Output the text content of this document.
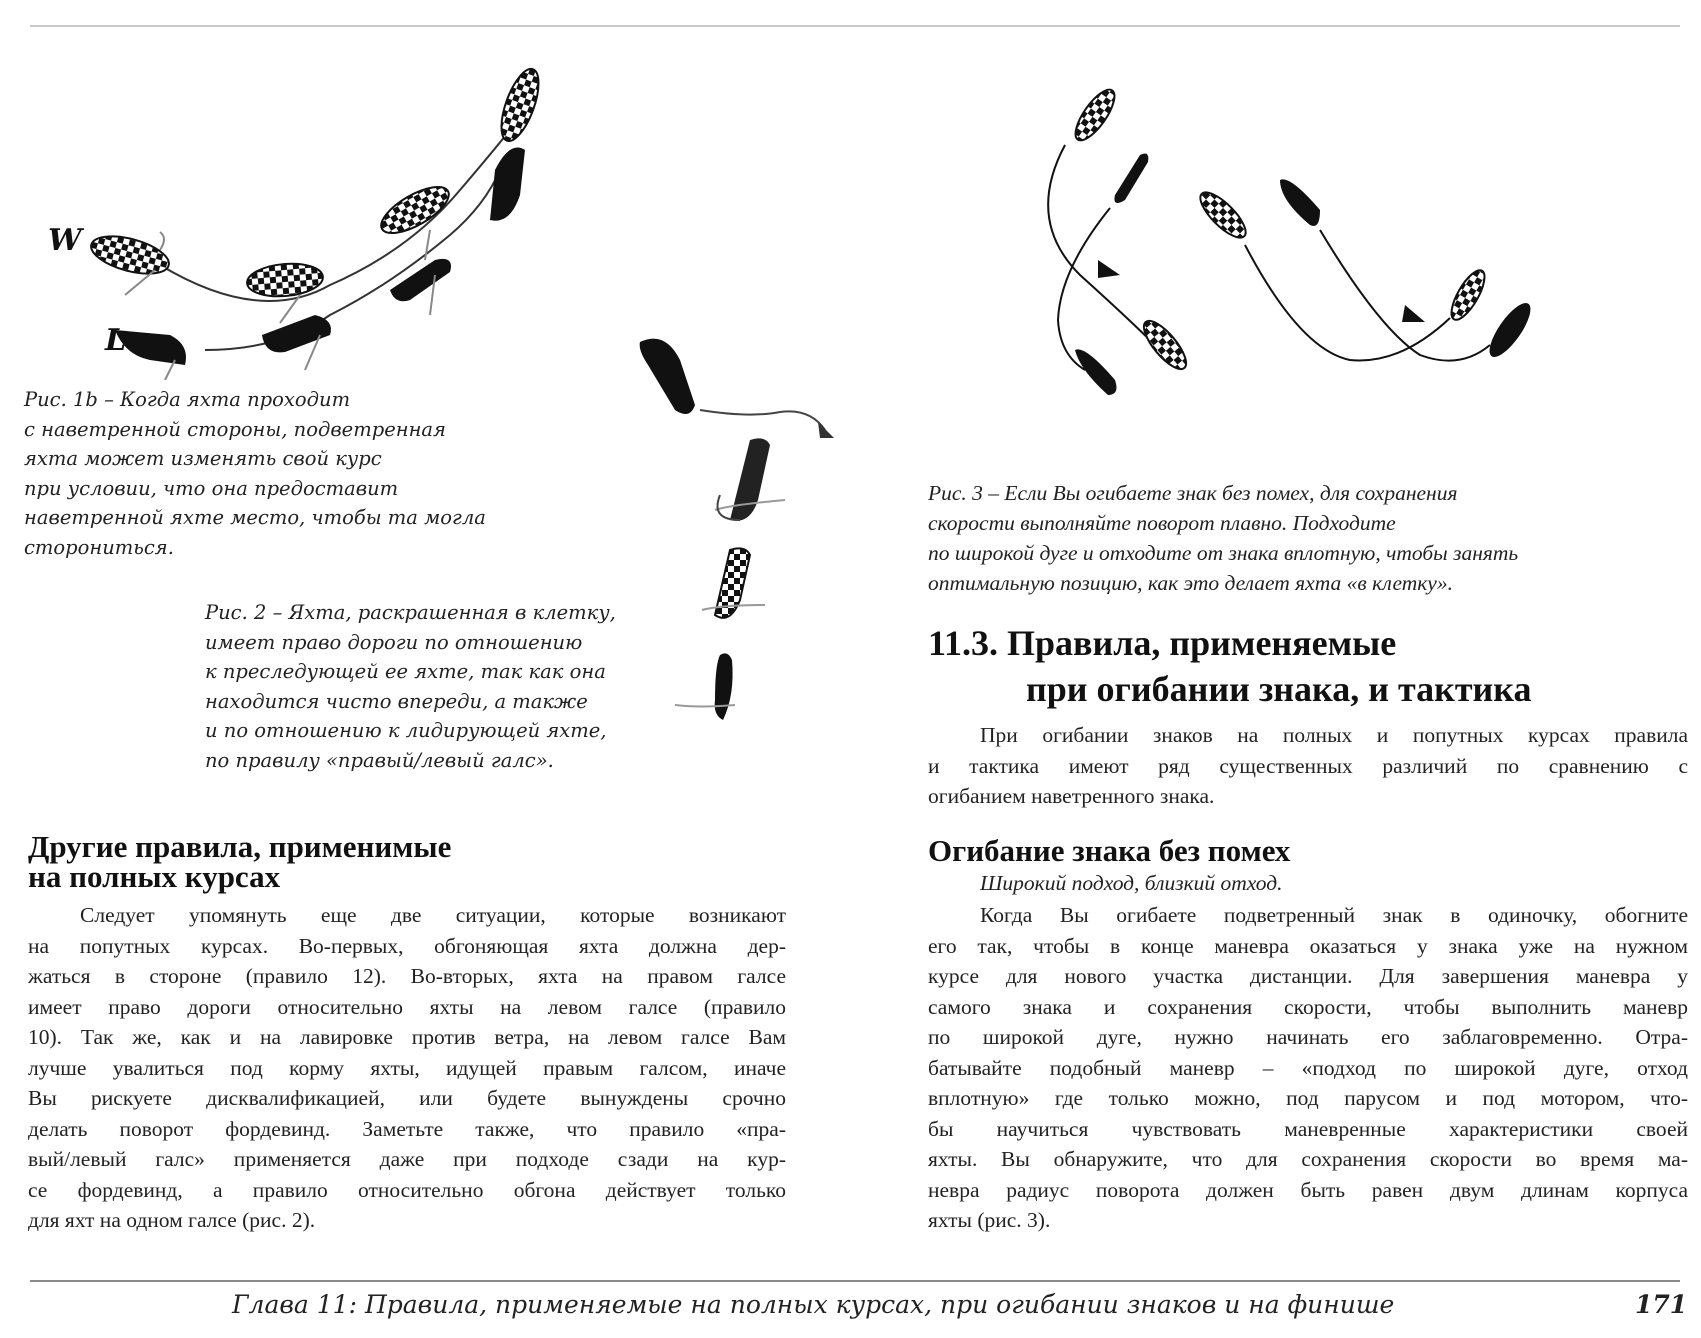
W
L
Рис. 1b – Когда яхта проходит
с наветренной стороны, подветренная
яхта может изменять свой курс
при условии, что она предоставит
наветренной яхте место, чтобы та могла
сторониться.
Рис. 2 – Яхта, раскрашенная в клетку,
имеет право дороги по отношению
к преследующей ее яхте, так как она
находится чисто впереди, а также
и по отношению к лидирующей яхте,
по правилу «правый/левый галс».
Рис. 3 – Если Вы огибаете знак без помех, для сохранения
скорости выполняйте поворот плавно. Подходите
по широкой дуге и отходите от знака вплотную, чтобы занять
оптимальную позицию, как это делает яхта «в клетку».
11.3. Правила, применяемые
при огибании знака, и тактика
При огибании знаков на полных и попутных курсах правила
и тактика имеют ряд существенных различий по сравнению с
огибанием наветренного знака.
Огибание знака без помех
Широкий подход, близкий отход.
Когда Вы огибаете подветренный знак в одиночку, обогните
его так, чтобы в конце маневра оказаться у знака уже на нужном
курсе для нового участка дистанции. Для завершения маневра у
самого знака и сохранения скорости, чтобы выполнить маневр
по широкой дуге, нужно начинать его заблаговременно. Отра-
батывайте подобный маневр – «подход по широкой дуге, отход
вплотную» где только можно, под парусом и под мотором, что-
бы научиться чувствовать маневренные характеристики своей
яхты. Вы обнаружите, что для сохранения скорости во время ма-
невра радиус поворота должен быть равен двум длинам корпуса
яхты (рис. 3).
Другие правила, применимые
на полных курсах
Следует упомянуть еще две ситуации, которые возникают
на попутных курсах. Во-первых, обгоняющая яхта должна дер-
жаться в стороне (правило 12). Во-вторых, яхта на правом галсе
имеет право дороги относительно яхты на левом галсе (правило
10). Так же, как и на лавировке против ветра, на левом галсе Вам
лучше увалиться под корму яхты, идущей правым галсом, иначе
Вы рискуете дисквалификацией, или будете вынуждены срочно
делать поворот фордевинд. Заметьте также, что правило «пра-
вый/левый галс» применяется даже при подходе сзади на кур-
се фордевинд, а правило относительно обгона действует только
для яхт на одном галсе (рис. 2).
Глава 11: Правила, применяемые на полных курсах, при огибании знаков и на финише	171
